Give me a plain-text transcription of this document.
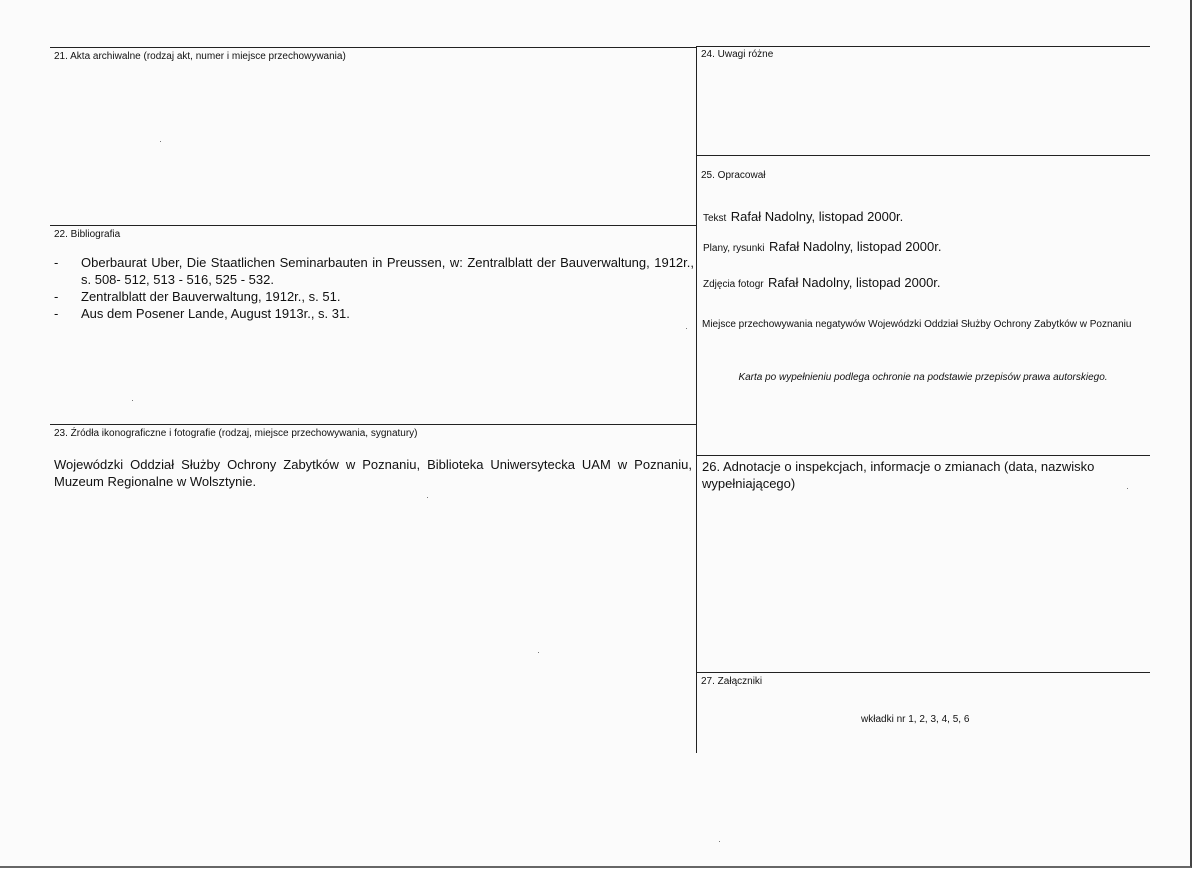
21. Akta archiwalne (rodzaj akt, numer i miejsce przechowywania)
22. Bibliografia
-	Oberbaurat Uber, Die Staatlichen Seminarbauten in Preussen, w: Zentralblatt der Bauverwaltung, 1912r., s. 508- 512, 513 - 516, 525 - 532.
-	Zentralblatt der Bauverwaltung, 1912r., s. 51.
-	Aus dem Posener Lande, August 1913r., s. 31.
23. Źródła ikonograficzne i fotografie (rodzaj, miejsce przechowywania, sygnatury)
Wojewódzki Oddział Służby Ochrony Zabytków w Poznaniu, Biblioteka Uniwersytecka UAM w Poznaniu, Muzeum Regionalne w Wolsztynie.
24. Uwagi różne
25. Opracował
Tekst Rafał Nadolny, listopad 2000r.
Plany, rysunki Rafał Nadolny, listopad 2000r.
Zdjęcia fotogr Rafał Nadolny, listopad 2000r.
Miejsce przechowywania negatywów Wojewódzki Oddział Służby Ochrony Zabytków w Poznaniu
Karta po wypełnieniu podlega ochronie na podstawie przepisów prawa autorskiego.
26. Adnotacje o inspekcjach, informacje o zmianach (data, nazwisko wypełniającego)
27. Załączniki
wkładki nr 1, 2, 3, 4, 5, 6
